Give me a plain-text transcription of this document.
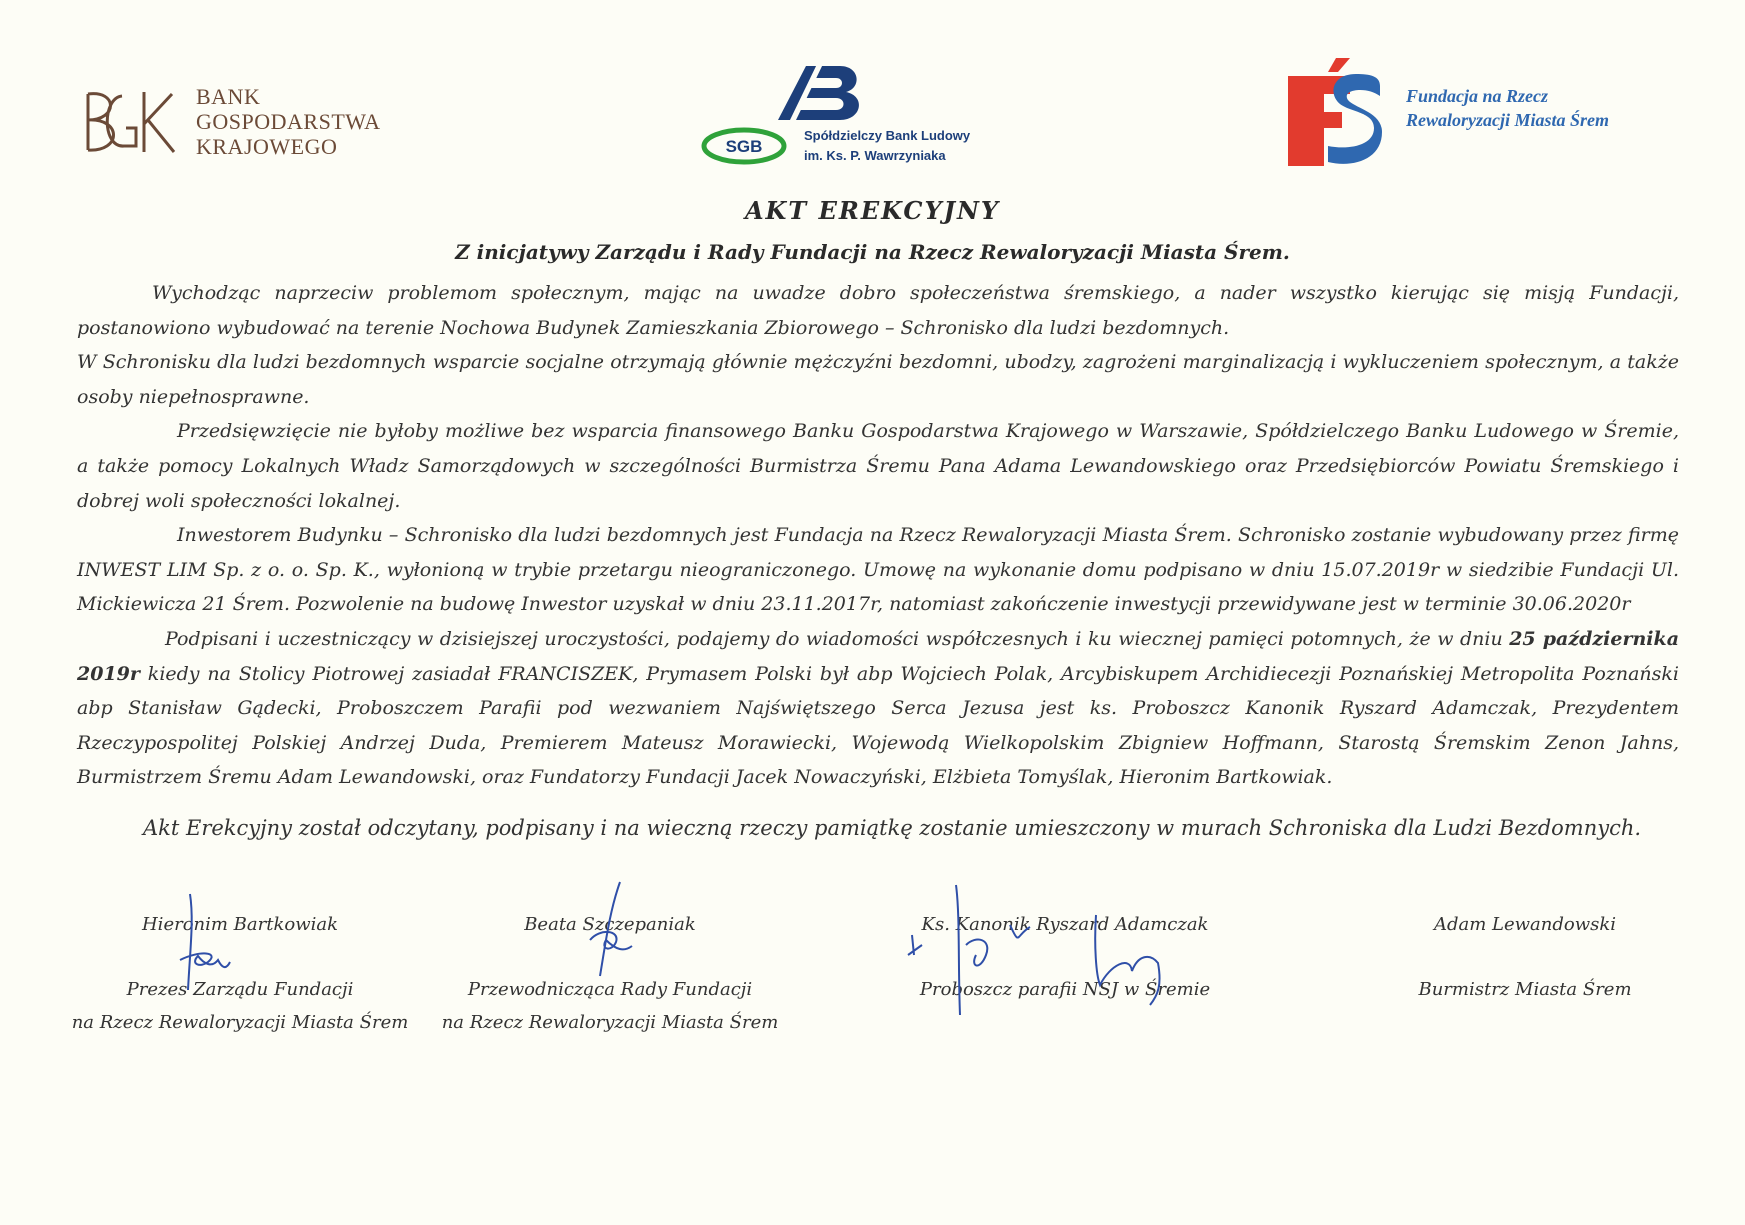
BANK
GOSPODARSTWA
KRAJOWEGO	SGB
Spółdzielczy Bank Ludowy
im. Ks. P. Wawrzyniaka
Fundacja na Rzecz
Rewaloryzacji Miasta Śrem
AKT EREKCYJNY
Z inicjatywy Zarządu i Rady Fundacji na Rzecz Rewaloryzacji Miasta Śrem.

Wychodząc naprzeciw problemom społecznym, mając na uwadze dobro społeczeństwa śremskiego, a nader wszystko kierując się misją Fundacji, postanowiono wybudować na terenie Nochowa Budynek Zamieszkania Zbiorowego – Schronisko dla ludzi bezdomnych.

W Schronisku dla ludzi bezdomnych wsparcie socjalne otrzymają głównie mężczyźni bezdomni, ubodzy, zagrożeni marginalizacją i wykluczeniem społecznym, a także osoby niepełnosprawne.

Przedsięwzięcie nie byłoby możliwe bez wsparcia finansowego Banku Gospodarstwa Krajowego w Warszawie, Spółdzielczego Banku Ludowego w Śremie, a także pomocy Lokalnych Władz Samorządowych w szczególności Burmistrza Śremu Pana Adama Lewandowskiego oraz Przedsiębiorców Powiatu Śremskiego i dobrej woli społeczności lokalnej.

Inwestorem Budynku – Schronisko dla ludzi bezdomnych jest Fundacja na Rzecz Rewaloryzacji Miasta Śrem. Schronisko zostanie wybudowany przez firmę INWEST LIM Sp. z o. o. Sp. K., wyłonioną w trybie przetargu nieograniczonego. Umowę na wykonanie domu podpisano w dniu 15.07.2019r w siedzibie Fundacji Ul. Mickiewicza 21 Śrem. Pozwolenie na budowę Inwestor uzyskał w dniu 23.11.2017r, natomiast zakończenie inwestycji przewidywane jest w terminie 30.06.2020r

Podpisani i uczestniczący w dzisiejszej uroczystości, podajemy do wiadomości współczesnych i ku wiecznej pamięci potomnych, że w dniu 25 października 2019r kiedy na Stolicy Piotrowej zasiadał FRANCISZEK, Prymasem Polski był abp Wojciech Polak, Arcybiskupem Archidiecezji Poznańskiej Metropolita Poznański abp Stanisław Gądecki, Proboszczem Parafii pod wezwaniem Najświętszego Serca Jezusa jest ks. Proboszcz Kanonik Ryszard Adamczak, Prezydentem Rzeczypospolitej Polskiej Andrzej Duda, Premierem Mateusz Morawiecki, Wojewodą Wielkopolskim Zbigniew Hoffmann, Starostą Śremskim Zenon Jahns, Burmistrzem Śremu Adam Lewandowski, oraz Fundatorzy Fundacji Jacek Nowaczyński, Elżbieta Tomyślak, Hieronim Bartkowiak.

Akt Erekcyjny został odczytany, podpisany i na wieczną rzeczy pamiątkę zostanie umieszczony w murach Schroniska dla Ludzi Bezdomnych.
Hieronim Bartkowiak
Prezes Zarządu Fundacji
na Rzecz Rewaloryzacji Miasta Śrem
Beata Szczepaniak
Przewodnicząca Rady Fundacji
na Rzecz Rewaloryzacji Miasta Śrem
Ks. Kanonik Ryszard Adamczak
Proboszcz parafii NSJ w Śremie
Adam Lewandowski
Burmistrz Miasta Śrem
